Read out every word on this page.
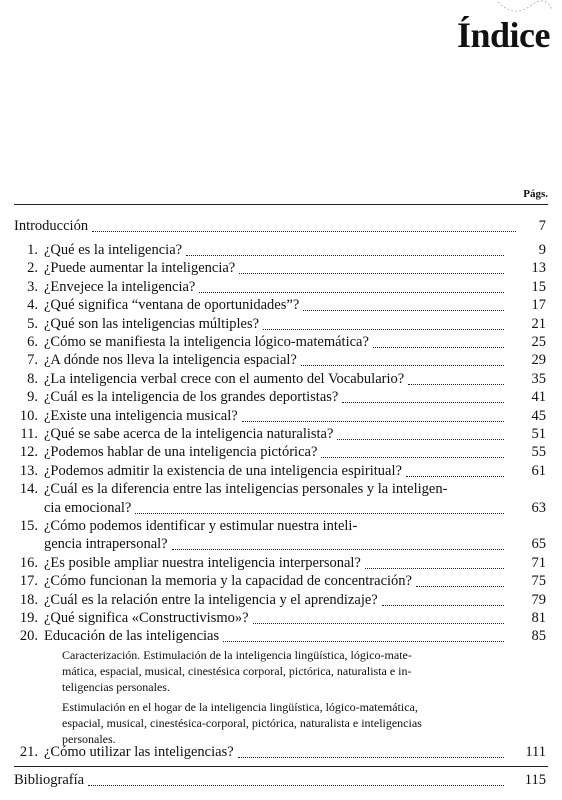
Índice
Págs.
Introducción	7
1. ¿Qué es la inteligencia?	9
2. ¿Puede aumentar la inteligencia?	13
3. ¿Envejece la inteligencia?	15
4. ¿Qué significa “ventana de oportunidades”?	17
5. ¿Qué son las inteligencias múltiples?	21
6. ¿Cómo se manifiesta la inteligencia lógico-matemática?	25
7. ¿A dónde nos lleva la inteligencia espacial?	29
8. ¿La inteligencia verbal crece con el aumento del Vocabulario?	35
9. ¿Cuál es la inteligencia de los grandes deportistas?	41
10. ¿Existe una inteligencia musical?	45
11. ¿Qué se sabe acerca de la inteligencia naturalista?	51
12. ¿Podemos hablar de una inteligencia pictórica?	55
13. ¿Podemos admitir la existencia de una inteligencia espiritual?	61
14. ¿Cuál es la diferencia entre las inteligencias personales y la inteligen-
cia emocional?	63
15. ¿Cómo podemos identificar y estimular nuestra inteli-
gencia intrapersonal?	65
16. ¿Es posible ampliar nuestra inteligencia interpersonal?	71
17. ¿Cómo funcionan la memoria y la capacidad de concentración?	75
18. ¿Cuál es la relación entre la inteligencia y el aprendizaje?	79
19. ¿Qué significa «Constructivismo»?	81
20. Educación de las inteligencias	85
Caracterización. Estimulación de la inteligencia lingüística, lógico-mate-
mática, espacial, musical, cinestésica corporal, pictórica, naturalista e in-
teligencias personales.
Estimulación en el hogar de la inteligencia lingüística, lógico-matemática,
espacial, musical, cinestésica-corporal, pictórica, naturalista e inteligencias
personales.
21. ¿Cómo utilizar las inteligencias?	111
Bibliografía	115
